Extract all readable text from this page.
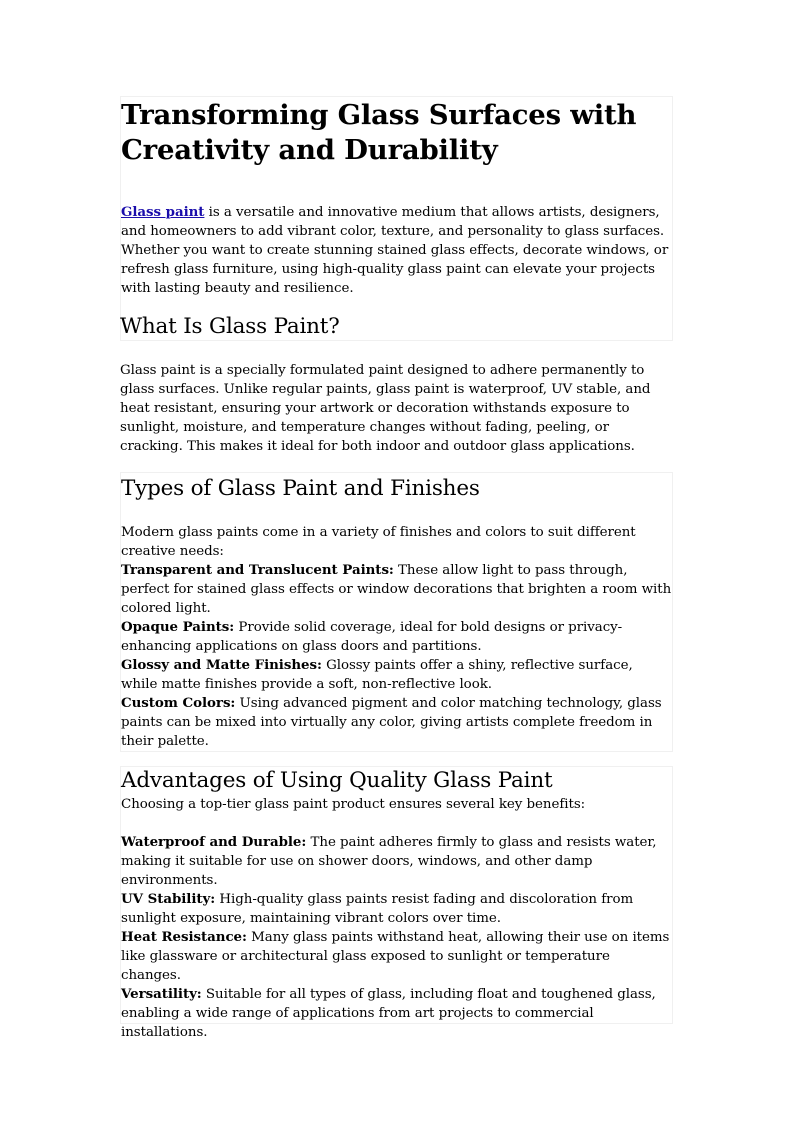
Transforming Glass Surfaces with Creativity and Durability

Glass paint is a versatile and innovative medium that allows artists, designers, and homeowners to add vibrant color, texture, and personality to glass surfaces. Whether you want to create stunning stained glass effects, decorate windows, or refresh glass furniture, using high-quality glass paint can elevate your projects with lasting beauty and resilience.

What Is Glass Paint?

Glass paint is a specially formulated paint designed to adhere permanently to glass surfaces. Unlike regular paints, glass paint is waterproof, UV stable, and heat resistant, ensuring your artwork or decoration withstands exposure to sunlight, moisture, and temperature changes without fading, peeling, or cracking. This makes it ideal for both indoor and outdoor glass applications.

Types of Glass Paint and Finishes

Modern glass paints come in a variety of finishes and colors to suit different creative needs:

Transparent and Translucent Paints: These allow light to pass through, perfect for stained glass effects or window decorations that brighten a room with colored light.

Opaque Paints: Provide solid coverage, ideal for bold designs or privacy-enhancing applications on glass doors and partitions.

Glossy and Matte Finishes: Glossy paints offer a shiny, reflective surface, while matte finishes provide a soft, non-reflective look.

Custom Colors: Using advanced pigment and color matching technology, glass paints can be mixed into virtually any color, giving artists complete freedom in their palette.

Advantages of Using Quality Glass Paint

Choosing a top-tier glass paint product ensures several key benefits:

Waterproof and Durable: The paint adheres firmly to glass and resists water, making it suitable for use on shower doors, windows, and other damp environments.

UV Stability: High-quality glass paints resist fading and discoloration from sunlight exposure, maintaining vibrant colors over time.

Heat Resistance: Many glass paints withstand heat, allowing their use on items like glassware or architectural glass exposed to sunlight or temperature changes.

Versatility: Suitable for all types of glass, including float and toughened glass, enabling a wide range of applications from art projects to commercial installations.
